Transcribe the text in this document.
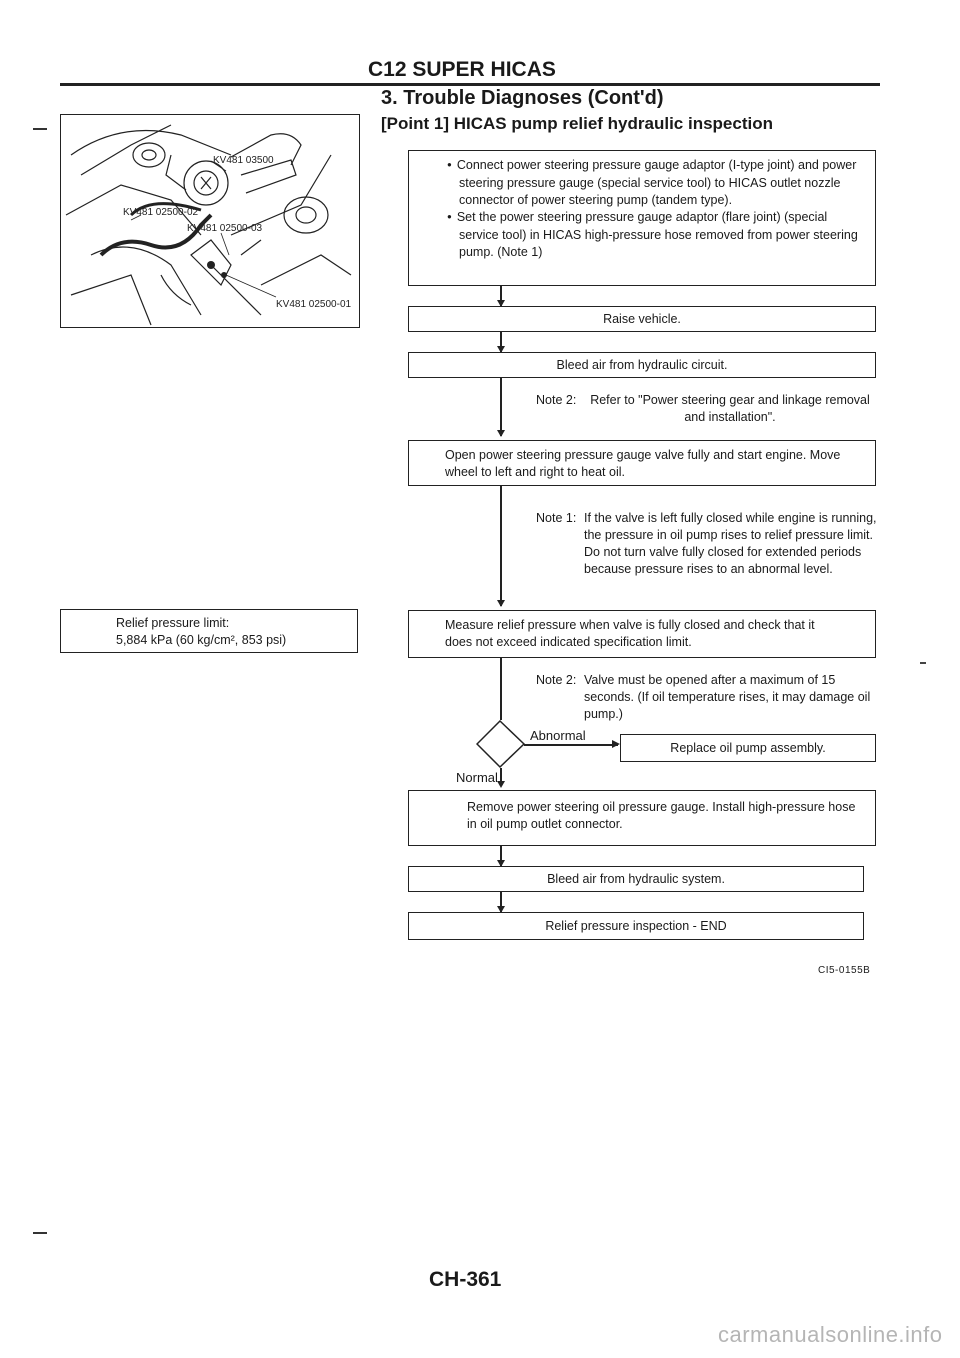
C12 SUPER HICAS
3. Trouble Diagnoses (Cont'd)
[Point 1] HICAS pump relief hydraulic inspection
KV481 03500
KV481 02500-02
KV481 02500-03
KV481 02500-01
Relief pressure limit:
5,884 kPa (60 kg/cm², 853 psi)
● Connect power steering pressure gauge adaptor (I-type joint) and power steering pressure gauge (special service tool) to HICAS outlet nozzle connector of power steering pump (tandem type).
● Set the power steering pressure gauge adaptor (flare joint) (special service tool) in HICAS high-pressure hose removed from power steering pump. (Note 1)
Raise vehicle.
Bleed air from hydraulic circuit.
Note 2:	Refer to "Power steering gear and linkage removal and installation".
Open power steering pressure gauge valve fully and start engine. Move wheel to left and right to heat oil.
Note 1: If the valve is left fully closed while engine is running, the pressure in oil pump rises to relief pressure limit. Do not turn valve fully closed for extended periods because pressure rises to an abnormal level.
Measure relief pressure when valve is fully closed and check that it does not exceed indicated specification limit.
Note 2: Valve must be opened after a maximum of 15 seconds. (If oil temperature rises, it may damage oil pump.)
Abnormal
Replace oil pump assembly.
Normal
Remove power steering oil pressure gauge. Install high-pressure hose in oil pump outlet connector.
Bleed air from hydraulic system.
Relief pressure inspection - END
CI5-0155B
CH-361
carmanualsonline.info
